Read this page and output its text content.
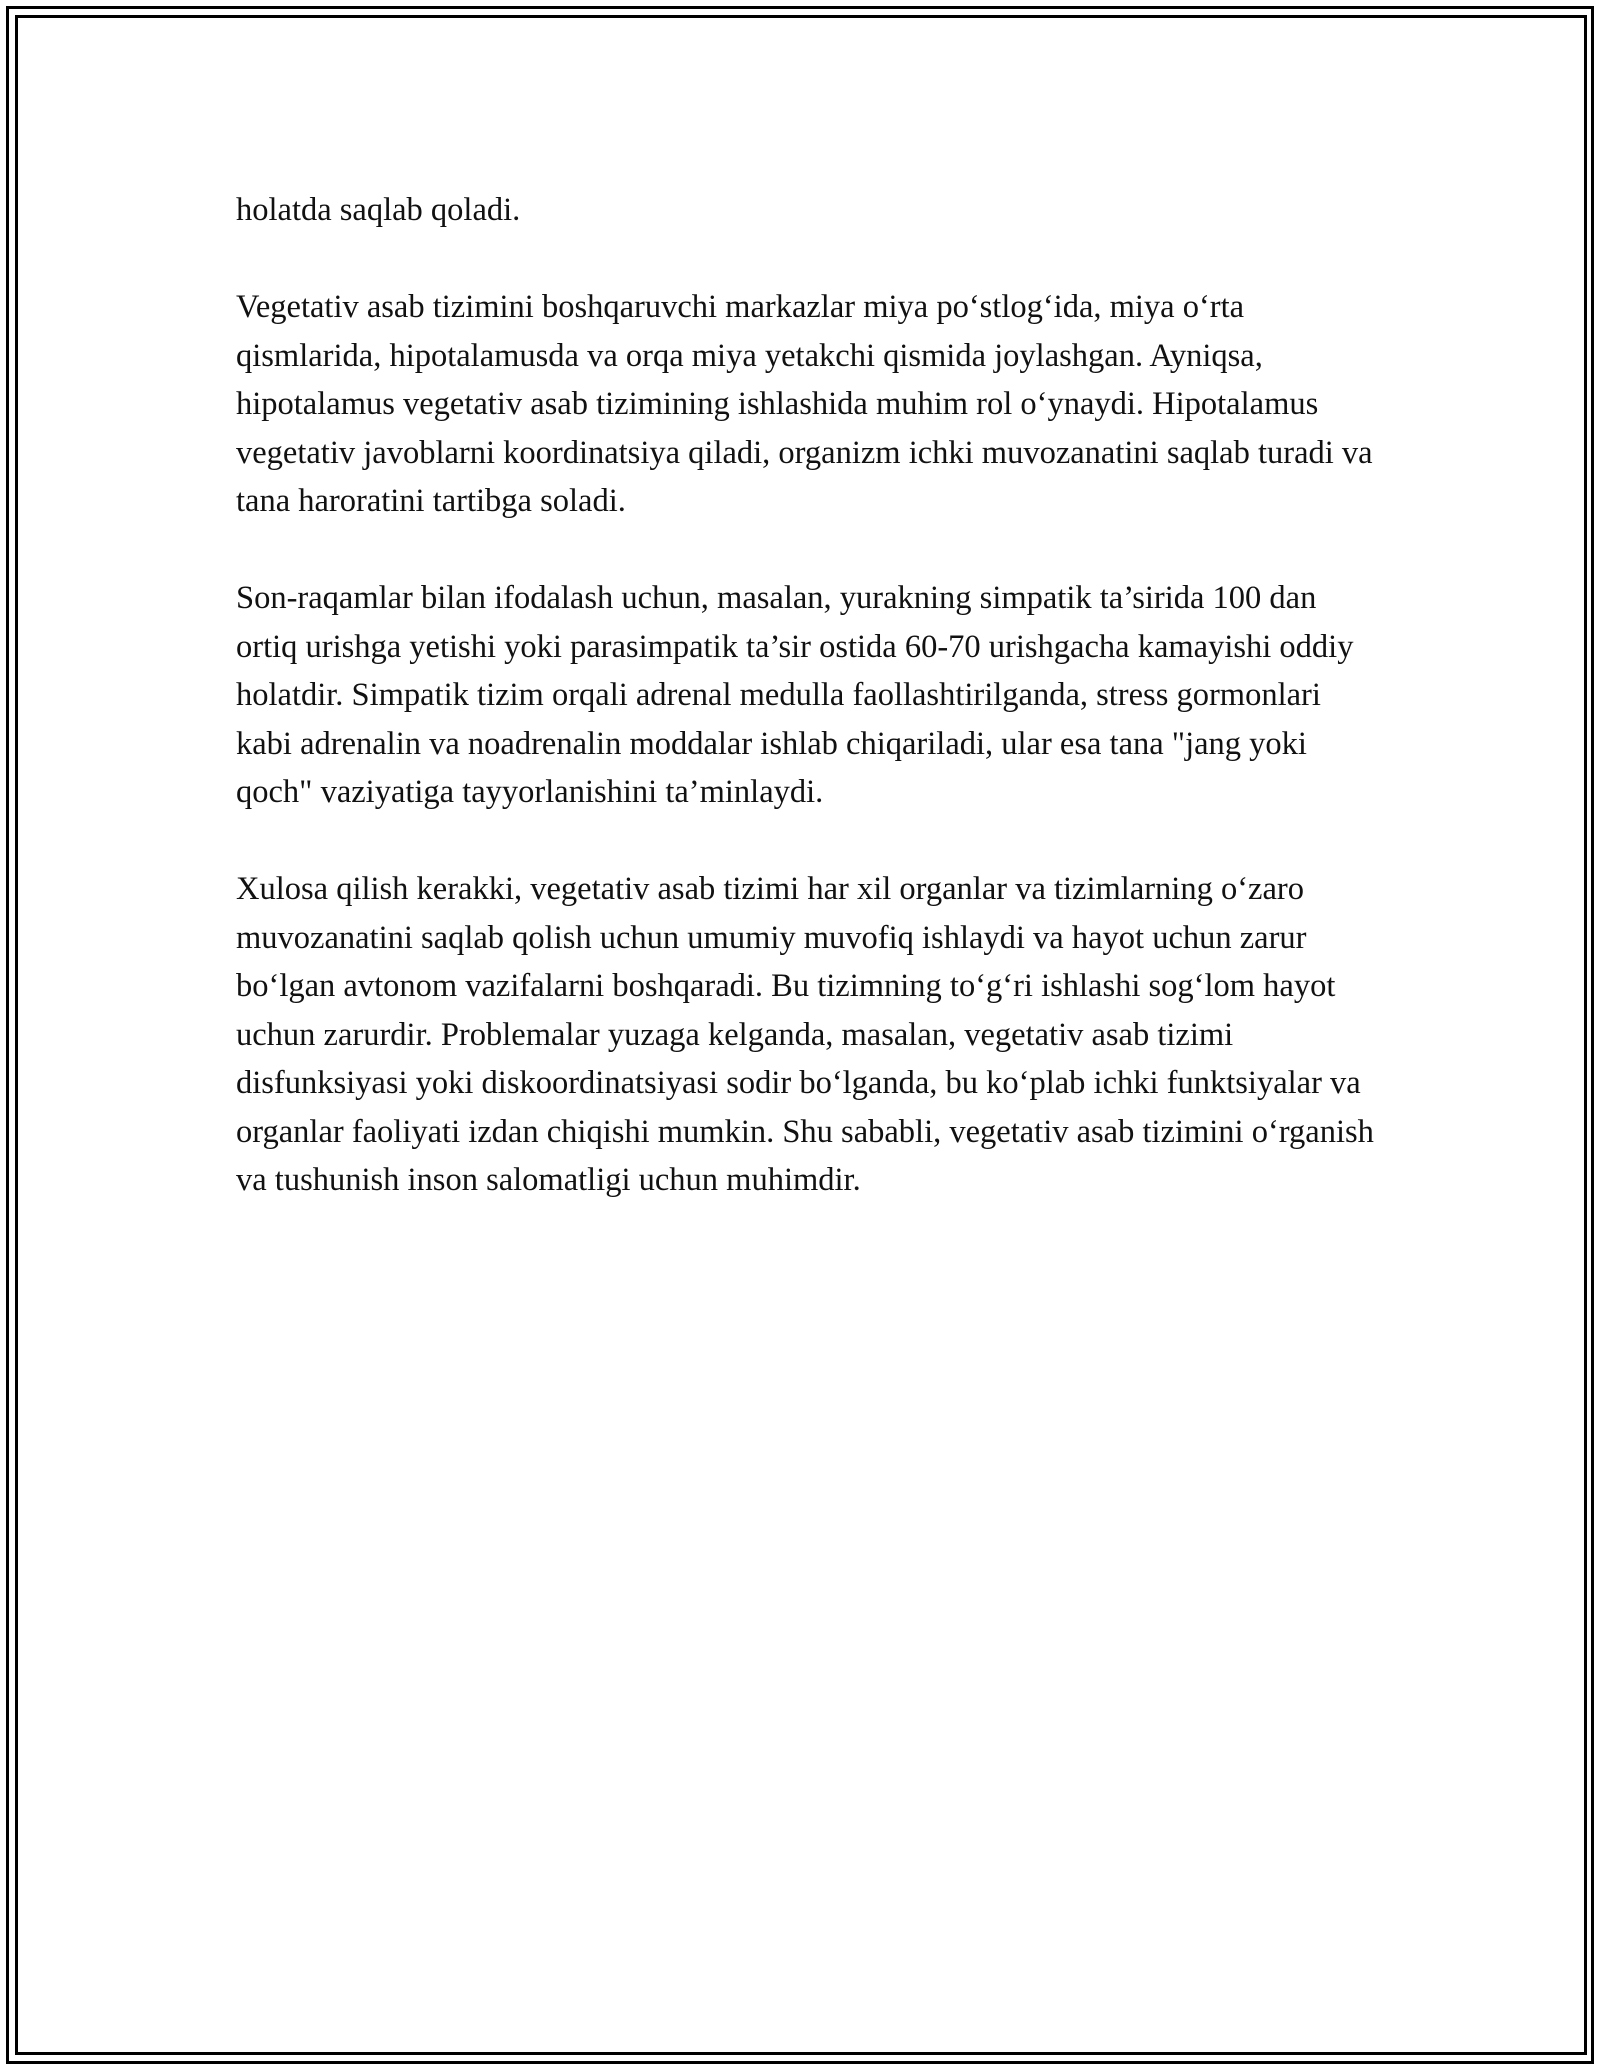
holatda saqlab qoladi.

Vegetativ asab tizimini boshqaruvchi markazlar miya po‘stlog‘ida, miya o‘rta qismlarida, hipotalamusda va orqa miya yetakchi qismida joylashgan. Ayniqsa, hipotalamus vegetativ asab tizimining ishlashida muhim rol o‘ynaydi. Hipotalamus vegetativ javoblarni koordinatsiya qiladi, organizm ichki muvozanatini saqlab turadi va tana haroratini tartibga soladi.

Son-raqamlar bilan ifodalash uchun, masalan, yurakning simpatik ta’sirida 100 dan ortiq urishga yetishi yoki parasimpatik ta’sir ostida 60-70 urishgacha kamayishi oddiy holatdir. Simpatik tizim orqali adrenal medulla faollashtirilganda, stress gormonlari kabi adrenalin va noadrenalin moddalar ishlab chiqariladi, ular esa tana "jang yoki qoch" vaziyatiga tayyorlanishini ta’minlaydi.

Xulosa qilish kerakki, vegetativ asab tizimi har xil organlar va tizimlarning o‘zaro muvozanatini saqlab qolish uchun umumiy muvofiq ishlaydi va hayot uchun zarur bo‘lgan avtonom vazifalarni boshqaradi. Bu tizimning to‘g‘ri ishlashi sog‘lom hayot uchun zarurdir. Problemalar yuzaga kelganda, masalan, vegetativ asab tizimi disfunksiyasi yoki diskoordinatsiyasi sodir bo‘lganda, bu ko‘plab ichki funktsiyalar va organlar faoliyati izdan chiqishi mumkin. Shu sababli, vegetativ asab tizimini o‘rganish va tushunish inson salomatligi uchun muhimdir.
